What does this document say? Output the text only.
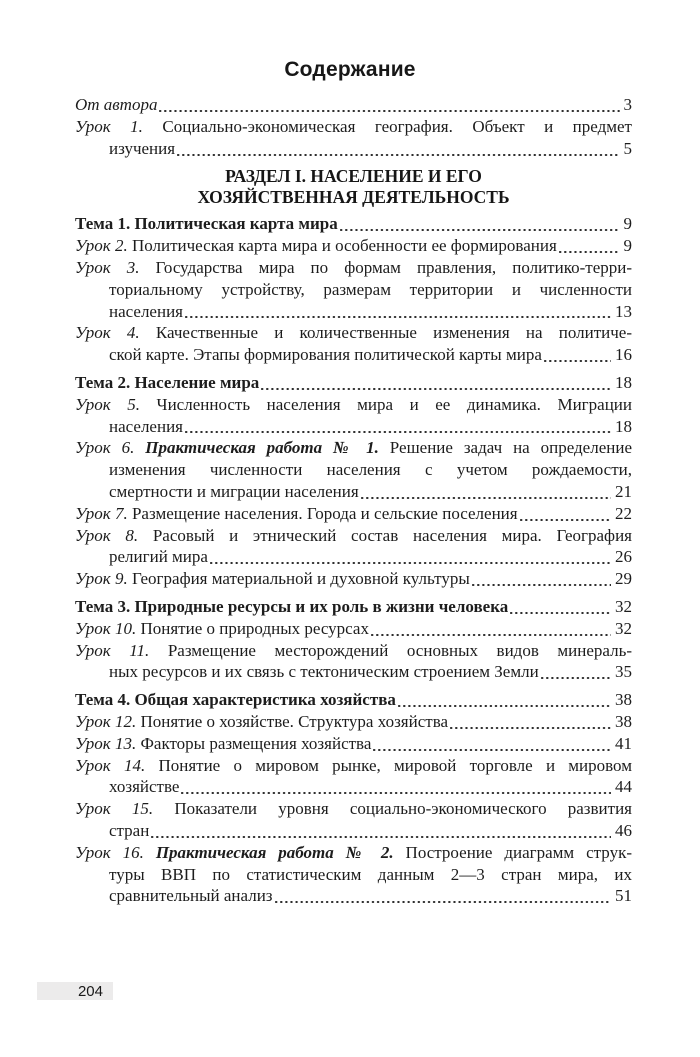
Содержание
От автора	3
Урок 1. Социально-экономическая география. Объект и предмет
изучения	5
РАЗДЕЛ I. НАСЕЛЕНИЕ И ЕГО
ХОЗЯЙСТВЕННАЯ ДЕЯТЕЛЬНОСТЬ
Тема 1. Политическая карта мира	9
Урок 2. Политическая карта мира и особенности ее формирования	9
Урок 3. Государства мира по формам правления, политико-терри-
ториальному устройству, размерам территории и численности
населения	13
Урок 4. Качественные и количественные изменения на политиче-
ской карте. Этапы формирования политической карты мира	16
Тема 2. Население мира	18
Урок 5. Численность населения мира и ее динамика. Миграции
населения	18
Урок 6. Практическая работа № 1. Решение задач на определение
изменения численности населения с учетом рождаемости,
смертности и миграции населения	21
Урок 7. Размещение населения. Города и сельские поселения	22
Урок 8. Расовый и этнический состав населения мира. География
религий мира	26
Урок 9. География материальной и духовной культуры	29
Тема 3. Природные ресурсы и их роль в жизни человека	32
Урок 10. Понятие о природных ресурсах	32
Урок 11. Размещение месторождений основных видов минераль-
ных ресурсов и их связь с тектоническим строением Земли	35
Тема 4. Общая характеристика хозяйства	38
Урок 12. Понятие о хозяйстве. Структура хозяйства	38
Урок 13. Факторы размещения хозяйства	41
Урок 14. Понятие о мировом рынке, мировой торговле и мировом
хозяйстве	44
Урок 15. Показатели уровня социально-экономического развития
стран	46
Урок 16. Практическая работа № 2. Построение диаграмм струк-
туры ВВП по статистическим данным 2—3 стран мира, их
сравнительный анализ	51
204
